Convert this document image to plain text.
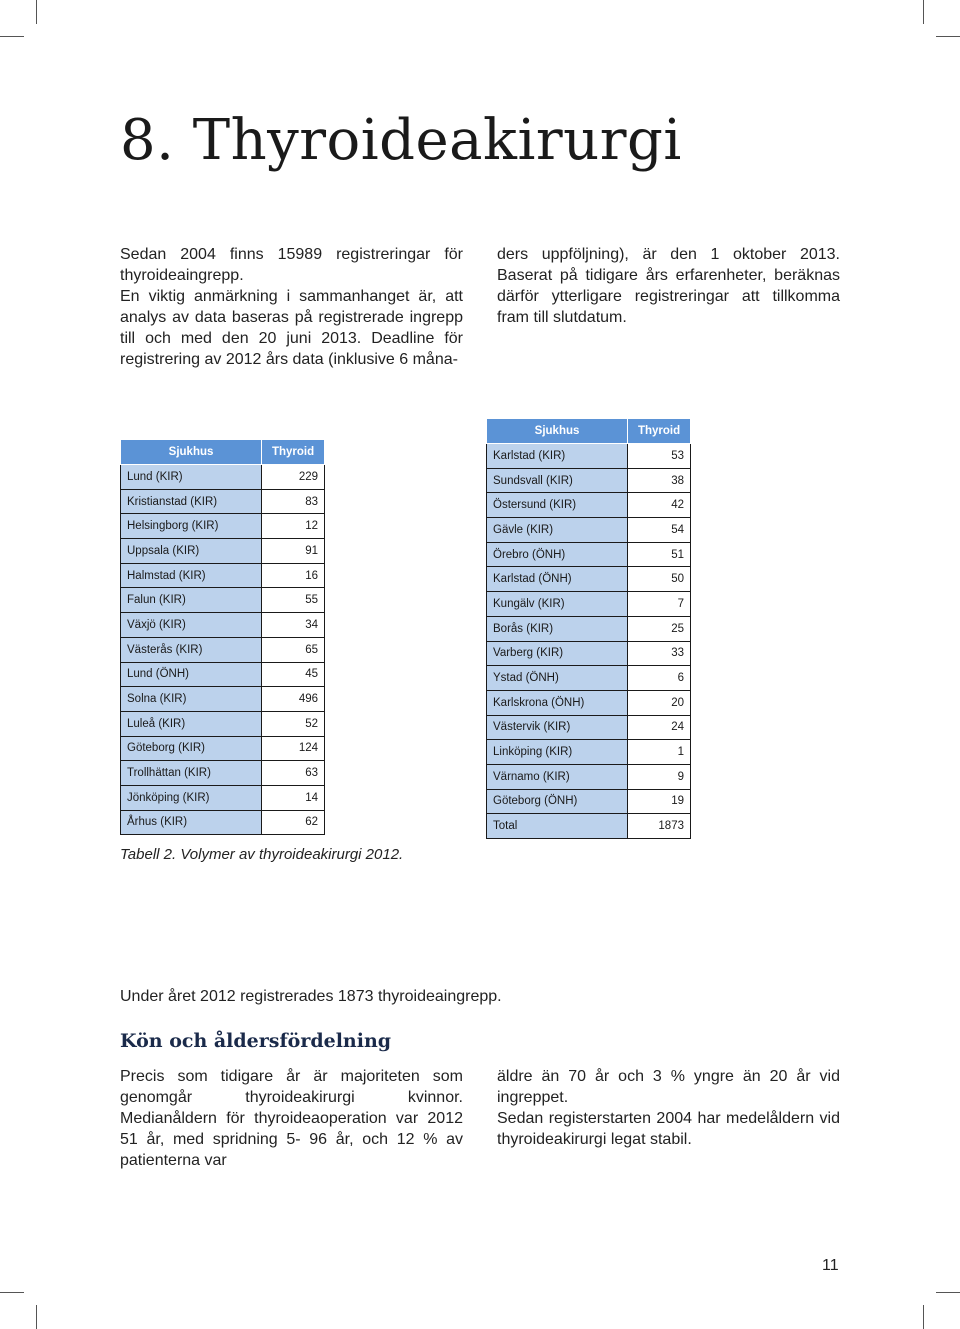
8. Thyroideakirurgi

Sedan 2004 finns 15989 registreringar för thyroideaingrepp.

En viktig anmärkning i sammanhanget är, att analys av data baseras på registrerade ingrepp till och med den 20 juni 2013. Deadline för registrering av 2012 års data (inklusive 6 måna-

ders uppföljning), är den 1 oktober 2013. Baserat på tidigare års erfarenheter, beräknas därför ytterligare registreringar att tillkomma fram till slutdatum.

Sjukhus	Thyroid
Lund (KIR)	229
Kristianstad (KIR)	83
Helsingborg (KIR)	12
Uppsala (KIR)	91
Halmstad (KIR)	16
Falun (KIR)	55
Växjö (KIR)	34
Västerås (KIR)	65
Lund (ÖNH)	45
Solna (KIR)	496
Luleå (KIR)	52
Göteborg (KIR)	124
Trollhättan (KIR)	63
Jönköping (KIR)	14
Århus (KIR)	62
Sjukhus	Thyroid
Karlstad (KIR)	53
Sundsvall (KIR)	38
Östersund (KIR)	42
Gävle (KIR)	54
Örebro (ÖNH)	51
Karlstad (ÖNH)	50
Kungälv (KIR)	7
Borås (KIR)	25
Varberg (KIR)	33
Ystad (ÖNH)	6
Karlskrona (ÖNH)	20
Västervik (KIR)	24
Linköping (KIR)	1
Värnamo (KIR)	9
Göteborg (ÖNH)	19
Total	1873
Tabell 2. Volymer av thyroideakirurgi 2012.
Under året 2012 registrerades 1873 thyroideaingrepp.
Kön och åldersfördelning

Precis som tidigare år är majoriteten som genomgår thyroideakirurgi kvinnor. Medianåldern för thyroideaoperation var 2012 51 år, med spridning 5- 96 år, och 12 % av patienterna var

äldre än 70 år och 3 % yngre än 20 år vid ingreppet.

Sedan registerstarten 2004 har medelåldern vid thyroideakirurgi legat stabil.

11
